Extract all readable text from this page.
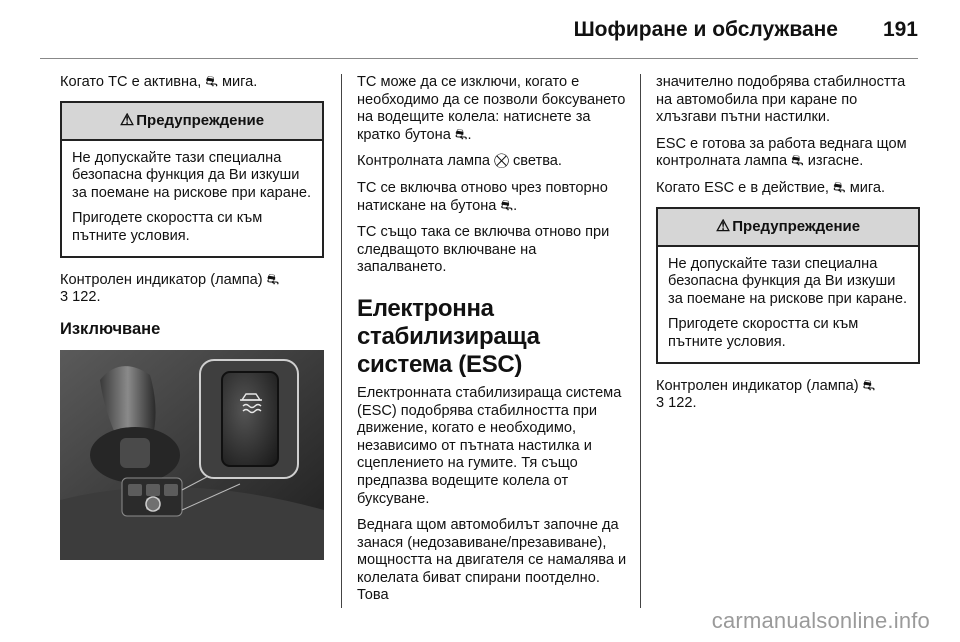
Шофиране и обслужване 191

Когато TC е активна, ⛐ мига.

⚠ Предупреждение

Не допускайте тази специална безопасна функция да Ви изкуши за поемане на рискове при каране.

Пригодете скоростта си към пътните условия.

Контролен индикатор (лампа) ⛐

3 122.

Изключване

TC може да се изключи, когато е необходимо да се позволи боксуването на водещите колела: натиснете за кратко бутона ⛐.

Контролната лампа ⛒ светва.

TC се включва отново чрез повторно натискане на бутона ⛐.

TC също така се включва отново при следващото включване на запалването.

Електронна стабилизираща система (ESC)

Електронната стабилизираща система (ESC) подобрява стабилността при движение, когато е необходимо, независимо от пътната настилка и сцеплението на гумите. Тя също предпазва водещите колела от буксуване.

Веднага щом автомобилът започне да занася (недозавиване/презавиване), мощността на двигателя се намалява и колелата биват спирани поотделно. Това

значително подобрява стабилността на автомобила при каране по хлъзгави пътни настилки.

ESC е готова за работа веднага щом контролната лампа ⛐ изгасне.

Когато ESC е в действие, ⛐ мига.

⚠ Предупреждение

Не допускайте тази специална безопасна функция да Ви изкуши за поемане на рискове при каране.

Пригодете скоростта си към пътните условия.

Контролен индикатор (лампа) ⛐

3 122.

carmanualsonline.info
